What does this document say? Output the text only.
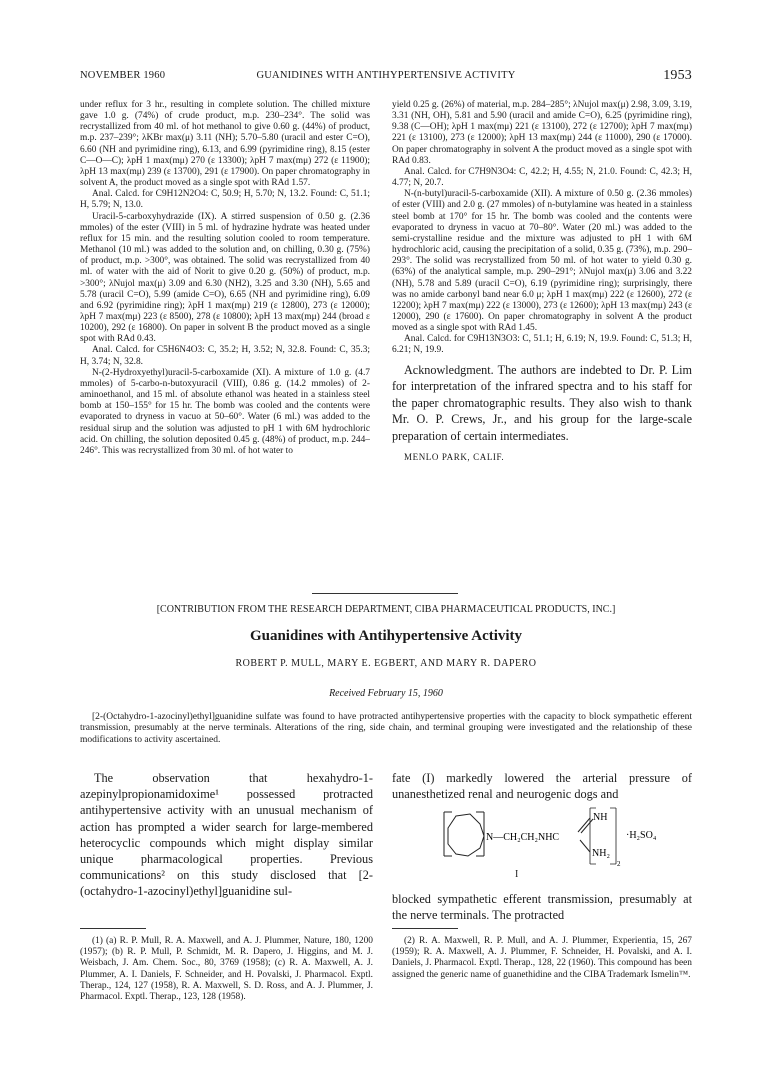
NOVEMBER 1960	GUANIDINES WITH ANTIHYPERTENSIVE ACTIVITY	1953

under reflux for 3 hr., resulting in complete solution. The chilled mixture gave 1.0 g. (74%) of crude product, m.p. 230–234°. The solid was recrystallized from 40 ml. of hot methanol to give 0.60 g. (44%) of product, m.p. 237–239°; λKBr max(μ) 3.11 (NH); 5.70–5.80 (uracil and ester C=O), 6.60 (NH and pyrimidine ring), 6.13, and 6.99 (pyrimidine ring), 8.15 (ester C—O—C); λpH 1 max(mμ) 270 (ε 13300); λpH 7 max(mμ) 272 (ε 11900); λpH 13 max(mμ) 239 (ε 13700), 291 (ε 17900). On paper chromatography in solvent A, the product moved as a single spot with RAd 1.57.

Anal. Calcd. for C9H12N2O4: C, 50.9; H, 5.70; N, 13.2. Found: C, 51.1; H, 5.79; N, 13.0.

Uracil-5-carboxyhydrazide (IX). A stirred suspension of 0.50 g. (2.36 mmoles) of the ester (VIII) in 5 ml. of hydrazine hydrate was heated under reflux for 15 min. and the resulting solution cooled to room temperature. Methanol (10 ml.) was added to the solution and, on chilling, 0.30 g. (75%) of product, m.p. >300°, was obtained. The solid was recrystallized from 40 ml. of water with the aid of Norit to give 0.20 g. (50%) of product, m.p. >300°; λNujol max(μ) 3.09 and 6.30 (NH2), 3.25 and 3.30 (NH), 5.65 and 5.78 (uracil C=O), 5.99 (amide C=O), 6.65 (NH and pyrimidine ring), 6.09 and 6.92 (pyrimidine ring); λpH 1 max(mμ) 219 (ε 12800), 273 (ε 12000); λpH 7 max(mμ) 223 (ε 8500), 278 (ε 10800); λpH 13 max(mμ) 244 (broad ε 10200), 292 (ε 16800). On paper in solvent B the product moved as a single spot with RAd 0.43.

Anal. Calcd. for C5H6N4O3: C, 35.2; H, 3.52; N, 32.8. Found: C, 35.3; H, 3.74; N, 32.8.

N-(2-Hydroxyethyl)uracil-5-carboxamide (XI). A mixture of 1.0 g. (4.7 mmoles) of 5-carbo-n-butoxyuracil (VIII), 0.86 g. (14.2 mmoles) of 2-aminoethanol, and 15 ml. of absolute ethanol was heated in a stainless steel bomb at 150–155° for 15 hr. The bomb was cooled and the contents were evaporated to dryness in vacuo at 50–60°. Water (6 ml.) was added to the residual sirup and the solution was adjusted to pH 1 with 6M hydrochloric acid. On chilling, the solution deposited 0.45 g. (48%) of product, m.p. 244–246°. This was recrystallized from 30 ml. of hot water to

yield 0.25 g. (26%) of material, m.p. 284–285°; λNujol max(μ) 2.98, 3.09, 3.19, 3.31 (NH, OH), 5.81 and 5.90 (uracil and amide C=O), 6.25 (pyrimidine ring), 9.38 (C—OH); λpH 1 max(mμ) 221 (ε 13100), 272 (ε 12700); λpH 7 max(mμ) 221 (ε 13100), 273 (ε 12000); λpH 13 max(mμ) 244 (ε 11000), 290 (ε 17000). On paper chromatography in solvent A the product moved as a single spot with RAd 0.83.

Anal. Calcd. for C7H9N3O4: C, 42.2; H, 4.55; N, 21.0. Found: C, 42.3; H, 4.77; N, 20.7.

N-(n-butyl)uracil-5-carboxamide (XII). A mixture of 0.50 g. (2.36 mmoles) of ester (VIII) and 2.0 g. (27 mmoles) of n-butylamine was heated in a stainless steel bomb at 170° for 15 hr. The bomb was cooled and the contents were evaporated to dryness in vacuo at 70–80°. Water (20 ml.) was added to the semi-crystalline residue and the mixture was adjusted to pH 1 with 6M hydrochloric acid, causing the precipitation of a solid, 0.35 g. (73%), m.p. 290–293°. The solid was recrystallized from 50 ml. of hot water to yield 0.30 g. (63%) of the analytical sample, m.p. 290–291°; λNujol max(μ) 3.06 and 3.22 (NH), 5.78 and 5.89 (uracil C=O), 6.19 (pyrimidine ring); surprisingly, there was no amide carbonyl band near 6.0 μ; λpH 1 max(mμ) 222 (ε 12600), 272 (ε 12200); λpH 7 max(mμ) 222 (ε 13000), 273 (ε 12600); λpH 13 max(mμ) 243 (ε 12000), 290 (ε 17600). On paper chromatography in solvent A the product moved as a single spot with RAd 1.45.

Anal. Calcd. for C9H13N3O3: C, 51.1; H, 6.19; N, 19.9. Found: C, 51.3; H, 6.21; N, 19.9.

Acknowledgment. The authors are indebted to Dr. P. Lim for interpretation of the infrared spectra and to his staff for the paper chromatographic results. They also wish to thank Mr. O. P. Crews, Jr., and his group for the large-scale preparation of certain intermediates.

MENLO PARK, CALIF.

[CONTRIBUTION FROM THE RESEARCH DEPARTMENT, CIBA PHARMACEUTICAL PRODUCTS, INC.]
Guanidines with Antihypertensive Activity
ROBERT P. MULL, MARY E. EGBERT, AND MARY R. DAPERO
Received February 15, 1960
[2-(Octahydro-1-azocinyl)ethyl]guanidine sulfate was found to have protracted antihypertensive properties with the capacity to block sympathetic efferent transmission, presumably at the nerve terminals. Alterations of the ring, side chain, and terminal grouping were investigated and the relationship of these modifications to activity ascertained.

The observation that hexahydro-1-azepinylpropionamidoxime¹ possessed protracted antihypertensive activity with an unusual mechanism of action has prompted a wider search for large-membered heterocyclic compounds which might display similar unique pharmacological properties. Previous communications² on this study disclosed that [2-(octahydro-1-azocinyl)ethyl]guanidine sul-

fate (I) markedly lowered the arterial pressure of unanesthetized renal and neurogenic dogs and

N—CH₂CH₂NHC
NH
NH₂
2
·H₂SO₄
I

blocked sympathetic efferent transmission, presumably at the nerve terminals. The protracted

(1) (a) R. P. Mull, R. A. Maxwell, and A. J. Plummer, Nature, 180, 1200 (1957); (b) R. P. Mull, P. Schmidt, M. R. Dapero, J. Higgins, and M. J. Weisbach, J. Am. Chem. Soc., 80, 3769 (1958); (c) R. A. Maxwell, A. J. Plummer, A. I. Daniels, F. Schneider, and H. Povalski, J. Pharmacol. Exptl. Therap., 124, 127 (1958), R. A. Maxwell, S. D. Ross, and A. J. Plummer, J. Pharmacol. Exptl. Therap., 123, 128 (1958).
(2) R. A. Maxwell, R. P. Mull, and A. J. Plummer, Experientia, 15, 267 (1959); R. A. Maxwell, A. J. Plummer, F. Schneider, H. Povalski, and A. I. Daniels, J. Pharmacol. Exptl. Therap., 128, 22 (1960). This compound has been assigned the generic name of guanethidine and the CIBA Trademark Ismelin™.
